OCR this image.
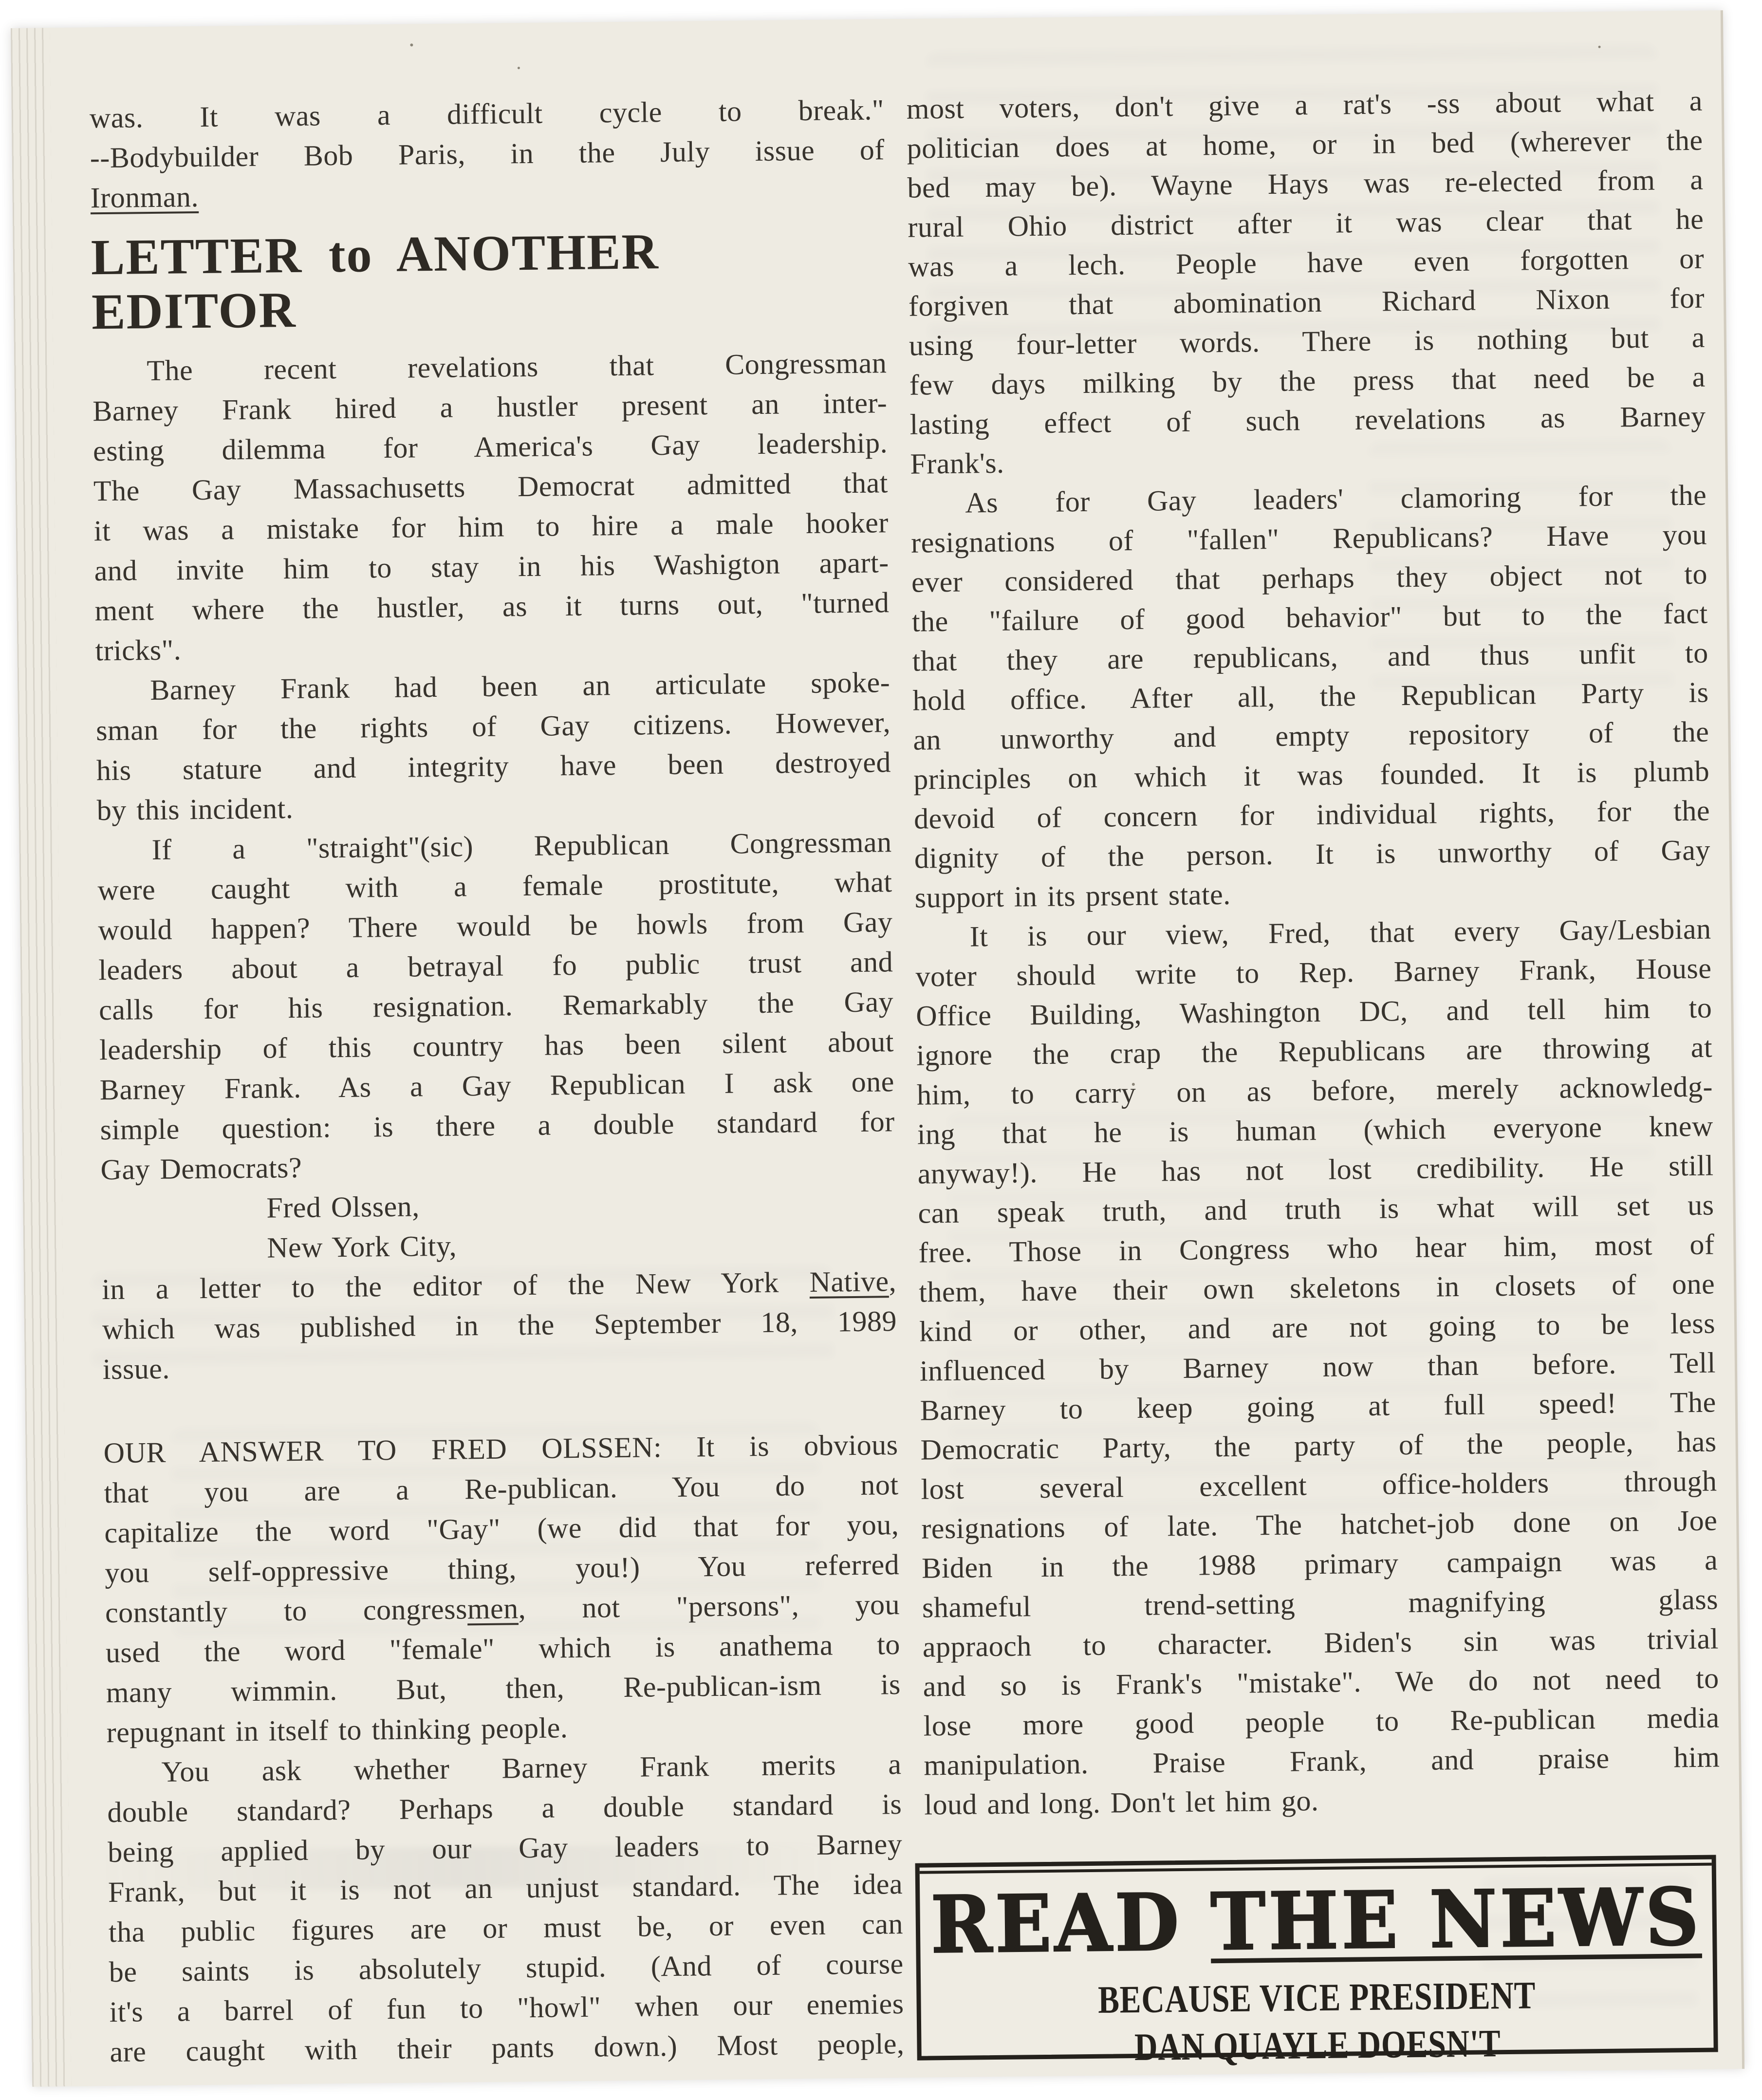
was. It was a difficult cycle to break."
--Bodybuilder Bob Paris, in the July issue of
Ironman.
LETTER to ANOTHER EDITOR
The recent revelations that Congressman
Barney Frank hired a hustler present an inter-
esting dilemma for America's Gay leadership.
The Gay Massachusetts Democrat admitted that
it was a mistake for him to hire a male hooker
and invite him to stay in his Washigton apart-
ment where the hustler, as it turns out, "turned
tricks".
Barney Frank had been an articulate spoke-
sman for the rights of Gay citizens. However,
his stature and integrity have been destroyed
by this incident.
If a "straight"(sic) Republican Congressman
were caught with a female prostitute, what
would happen? There would be howls from Gay
leaders about a betrayal fo public trust and
calls for his resignation. Remarkably the Gay
leadership of this country has been silent about
Barney Frank. As a Gay Republican I ask one
simple question: is there a double standard for
Gay Democrats?
Fred Olssen,
New York City,
in a letter to the editor of the New York Native,
which was published in the September 18, 1989
issue.
OUR ANSWER TO FRED OLSSEN: It is obvious
that you are a Re-publican. You do not
capitalize the word "Gay" (we did that for you,
you self-oppressive thing, you!) You referred
constantly to congressmen, not "persons", you
used the word "female" which is anathema to
many wimmin. But, then, Re-publican-ism is
repugnant in itself to thinking people.
You ask whether Barney Frank merits a
double standard? Perhaps a double standard is
being applied by our Gay leaders to Barney
Frank, but it is not an unjust standard. The idea
tha public figures are or must be, or even can
be saints is absolutely stupid. (And of course
it's a barrel of fun to "howl" when our enemies
are caught with their pants down.) Most people,
most voters, don't give a rat's -ss about what a
politician does at home, or in bed (wherever the
bed may be). Wayne Hays was re-elected from a
rural Ohio district after it was clear that he
was a lech. People have even forgotten or
forgiven that abomination Richard Nixon for
using four-letter words. There is nothing but a
few days milking by the press that need be a
lasting effect of such revelations as Barney
Frank's.
As for Gay leaders' clamoring for the
resignations of "fallen" Republicans? Have you
ever considered that perhaps they object not to
the "failure of good behavior" but to the fact
that they are republicans, and thus unfit to
hold office. After all, the Republican Party is
an unworthy and empty repository of the
principles on which it was founded. It is plumb
devoid of concern for individual rights, for the
dignity of the person. It is unworthy of Gay
support in its prsent state.
It is our view, Fred, that every Gay/Lesbian
voter should write to Rep. Barney Frank, House
Office Building, Washington DC, and tell him to
ignore the crap the Republicans are throwing at
him, to carry on as before, merely acknowledg-
ing that he is human (which everyone knew
anyway!). He has not lost credibility. He still
can speak truth, and truth is what will set us
free. Those in Congress who hear him, most of
them, have their own skeletons in closets of one
kind or other, and are not going to be less
influenced by Barney now than before. Tell
Barney to keep going at full speed! The
Democratic Party, the party of the people, has
lost several excellent office-holders through
resignations of late. The hatchet-job done on Joe
Biden in the 1988 primary campaign was a
shameful trend-setting magnifying glass
appraoch to character. Biden's sin was trivial
and so is Frank's "mistake". We do not need to
lose more good people to Re-publican media
manipulation. Praise Frank, and praise him
loud and long. Don't let him go.
READ THE NEWS
BECAUSE VICE PRESIDENT
DAN QUAYLE DOESN'T
